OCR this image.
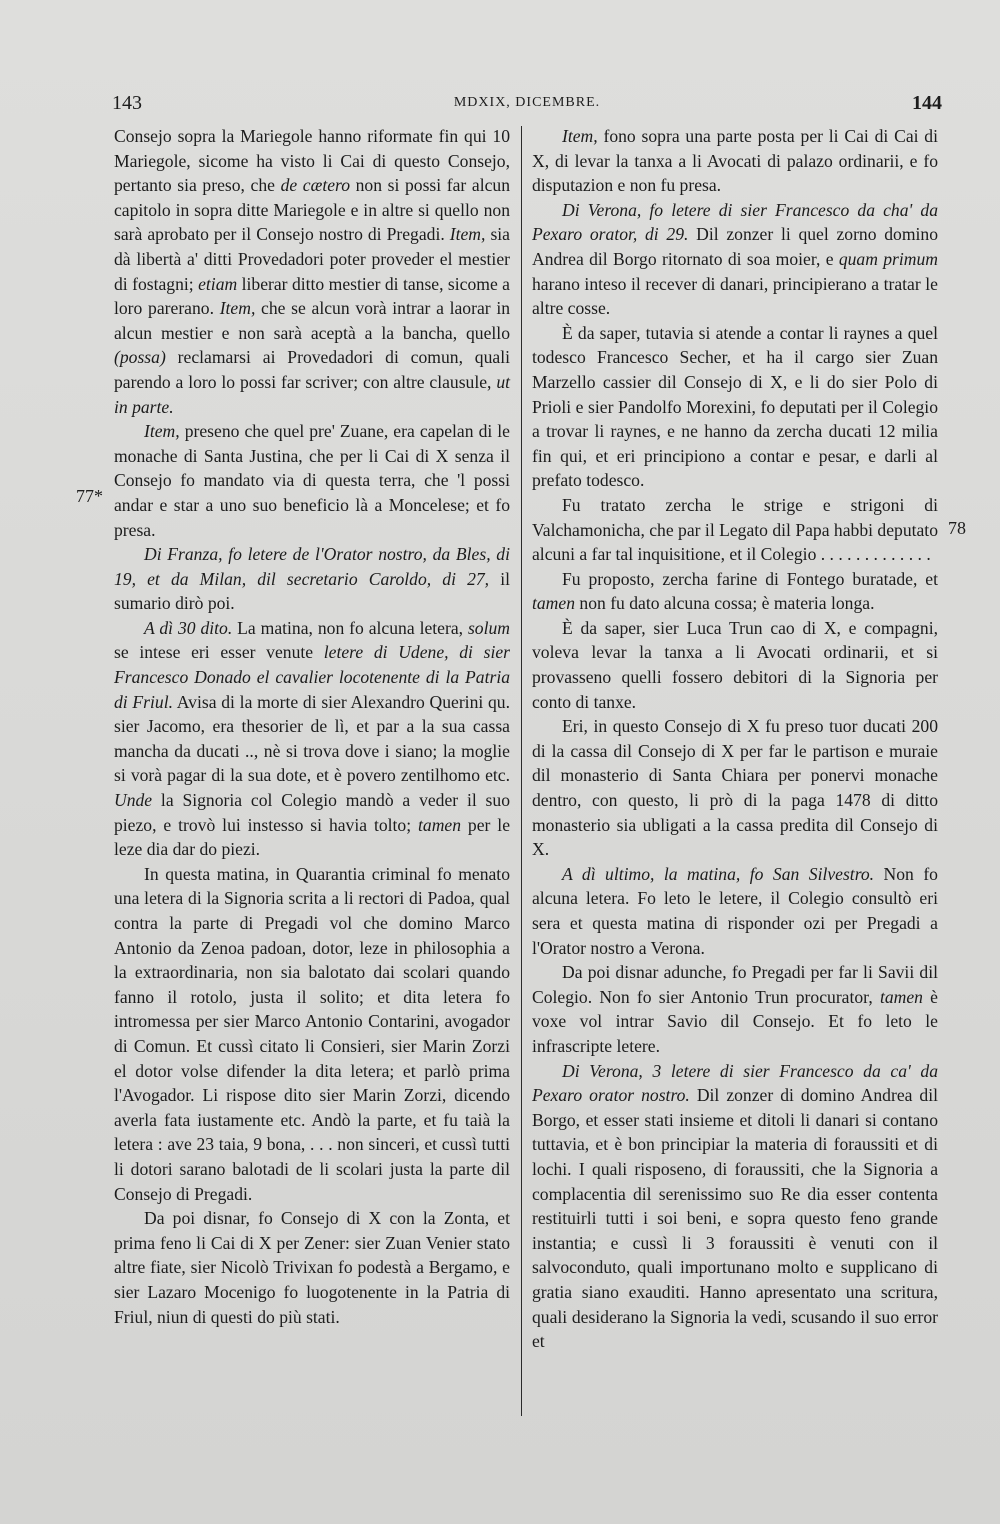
143	MDXIX, DICEMBRE.	144
77*
78

Consejo sopra la Mariegole hanno riformate fin qui 10 Mariegole, sicome ha visto li Cai di questo Consejo, pertanto sia preso, che de cætero non si possi far alcun capitolo in sopra ditte Mariegole e in altre si quello non sarà aprobato per il Consejo nostro di Pregadi. Item, sia dà libertà a' ditti Provedadori poter proveder el mestier di fostagni; etiam liberar ditto mestier di tanse, sicome a loro parerano. Item, che se alcun vorà intrar a laorar in alcun mestier e non sarà aceptà a la bancha, quello (possa) reclamarsi ai Provedadori di comun, quali parendo a loro lo possi far scriver; con altre clausule, ut in parte.

Item, preseno che quel pre' Zuane, era capelan di le monache di Santa Justina, che per li Cai di X senza il Consejo fo mandato via di questa terra, che 'l possi andar e star a uno suo beneficio là a Moncelese; et fo presa.

Di Franza, fo letere de l'Orator nostro, da Bles, di 19, et da Milan, dil secretario Caroldo, di 27, il sumario dirò poi.

A dì 30 dito. La matina, non fo alcuna letera, solum se intese eri esser venute letere di Udene, di sier Francesco Donado el cavalier locotenente di la Patria di Friul. Avisa di la morte di sier Alexandro Querini qu. sier Jacomo, era thesorier de lì, et par a la sua cassa mancha da ducati .., nè si trova dove i siano; la moglie si vorà pagar di la sua dote, et è povero zentilhomo etc. Unde la Signoria col Colegio mandò a veder il suo piezo, e trovò lui instesso si havia tolto; tamen per le leze dia dar do piezi.

In questa matina, in Quarantia criminal fo menato una letera di la Signoria scrita a li rectori di Padoa, qual contra la parte di Pregadi vol che domino Marco Antonio da Zenoa padoan, dotor, leze in philosophia a la extraordinaria, non sia balotato dai scolari quando fanno il rotolo, justa il solito; et dita letera fo intromessa per sier Marco Antonio Contarini, avogador di Comun. Et cussì citato li Consieri, sier Marin Zorzi el dotor volse difender la dita letera; et parlò prima l'Avogador. Li rispose dito sier Marin Zorzi, dicendo averla fata iustamente etc. Andò la parte, et fu taià la letera : ave 23 taia, 9 bona, . . . non sinceri, et cussì tutti li dotori sarano balotadi de li scolari justa la parte dil Consejo di Pregadi.

Da poi disnar, fo Consejo di X con la Zonta, et prima feno li Cai di X per Zener: sier Zuan Venier stato altre fiate, sier Nicolò Trivixan fo podestà a Bergamo, e sier Lazaro Mocenigo fo luogotenente in la Patria di Friul, niun di questi do più stati.

Item, fono sopra una parte posta per li Cai di Cai di X, di levar la tanxa a li Avocati di palazo ordinarii, e fo disputazion e non fu presa.

Di Verona, fo letere di sier Francesco da cha' da Pexaro orator, di 29. Dil zonzer li quel zorno domino Andrea dil Borgo ritornato di soa moier, e quam primum harano inteso il recever di danari, principierano a tratar le altre cosse.

È da saper, tutavia si atende a contar li raynes a quel todesco Francesco Secher, et ha il cargo sier Zuan Marzello cassier dil Consejo di X, e li do sier Polo di Prioli e sier Pandolfo Morexini, fo deputati per il Colegio a trovar li raynes, e ne hanno da zercha ducati 12 milia fin qui, et eri principiono a contar e pesar, e darli al prefato todesco.

Fu tratato zercha le strige e strigoni di Valchamonicha, che par il Legato dil Papa habbi deputato alcuni a far tal inquisitione, et il Colegio . . . . . . . . . . . . .

Fu proposto, zercha farine di Fontego buratade, et tamen non fu dato alcuna cossa; è materia longa.

È da saper, sier Luca Trun cao di X, e compagni, voleva levar la tanxa a li Avocati ordinarii, et si provasseno quelli fossero debitori di la Signoria per conto di tanxe.

Eri, in questo Consejo di X fu preso tuor ducati 200 di la cassa dil Consejo di X per far le partison e muraie dil monasterio di Santa Chiara per ponervi monache dentro, con questo, li prò di la paga 1478 di ditto monasterio sia ubligati a la cassa predita dil Consejo di X.

A dì ultimo, la matina, fo San Silvestro. Non fo alcuna letera. Fo leto le letere, il Colegio consultò eri sera et questa matina di risponder ozi per Pregadi a l'Orator nostro a Verona.

Da poi disnar adunche, fo Pregadi per far li Savii dil Colegio. Non fo sier Antonio Trun procurator, tamen è voxe vol intrar Savio dil Consejo. Et fo leto le infrascripte letere.

Di Verona, 3 letere di sier Francesco da ca' da Pexaro orator nostro. Dil zonzer di domino Andrea dil Borgo, et esser stati insieme et ditoli li danari si contano tuttavia, et è bon principiar la materia di foraussiti et di lochi. I quali risposeno, di foraussiti, che la Signoria a complacentia dil serenissimo suo Re dia esser contenta restituirli tutti i soi beni, e sopra questo feno grande instantia; e cussì li 3 foraussiti è venuti con il salvoconduto, quali importunano molto e supplicano di gratia siano exauditi. Hanno apresentato una scritura, quali desiderano la Signoria la vedi, scusando il suo error et
